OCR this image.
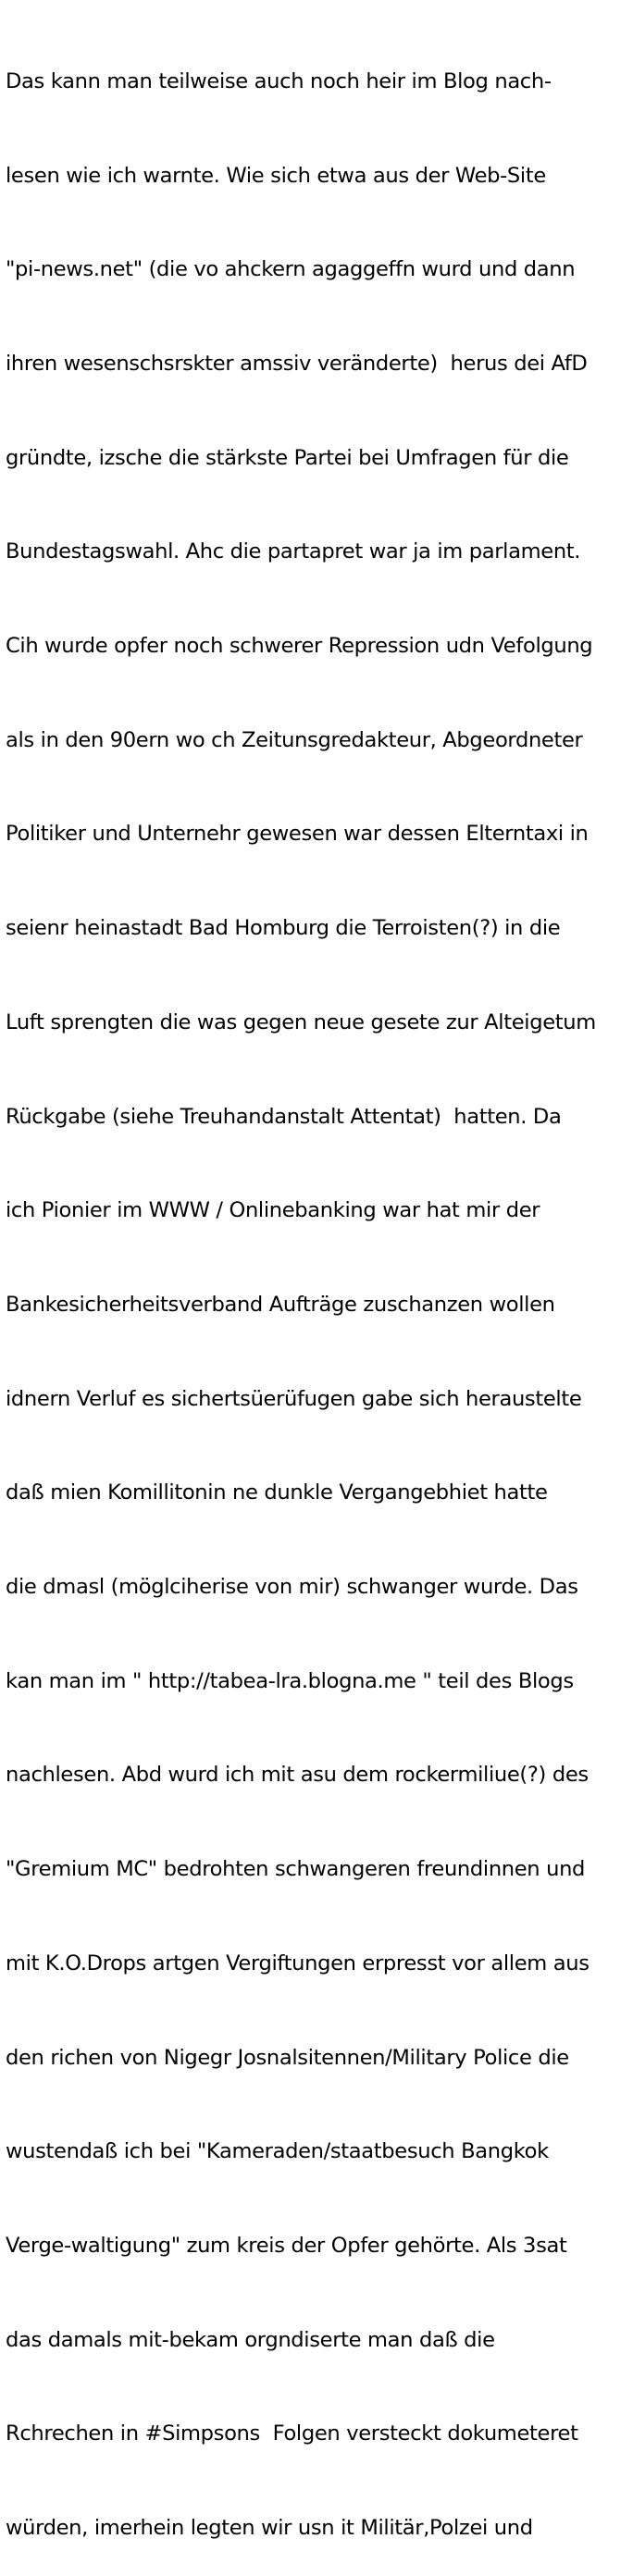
Das kann man teilweise auch noch heir im Blog nach-

lesen wie ich warnte. Wie sich etwa aus der Web-Site

"pi-news.net" (die vo ahckern agaggeffn wurd und dann

ihren wesenschsrskter amssiv veränderte)  herus dei AfD

gründte, izsche die stärkste Partei bei Umfragen für die

Bundestagswahl. Ahc die partapret war ja im parlament.

Cih wurde opfer noch schwerer Repression udn Vefolgung

als in den 90ern wo ch Zeitunsgredakteur, Abgeordneter

Politiker und Unternehr gewesen war dessen Elterntaxi in

seienr heinastadt Bad Homburg die Terroisten(?) in die

Luft sprengten die was gegen neue gesete zur Alteigetum

Rückgabe (siehe Treuhandanstalt Attentat)  hatten. Da

ich Pionier im WWW / Onlinebanking war hat mir der

Bankesicherheitsverband Aufträge zuschanzen wollen

idnern Verluf es sichertsüerüfugen gabe sich heraustelte

daß mien Komillitonin ne dunkle Vergangebhiet hatte

die dmasl (möglciherise von mir) schwanger wurde. Das

kan man im " http://tabea-lra.blogna.me " teil des Blogs

nachlesen. Abd wurd ich mit asu dem rockermiliue(?) des

"Gremium MC" bedrohten schwangeren freundinnen und

mit K.O.Drops artgen Vergiftungen erpresst vor allem aus

den richen von Nigegr Josnalsitennen/Military Police die

wustendaß ich bei "Kameraden/staatbesuch Bangkok

Verge-waltigung" zum kreis der Opfer gehörte. Als 3sat

das damals mit-bekam orgndiserte man daß die

Rchrechen in #Simpsons  Folgen versteckt dokumeteret

würden, imerhein legten wir usn it Militär,Polzei und
